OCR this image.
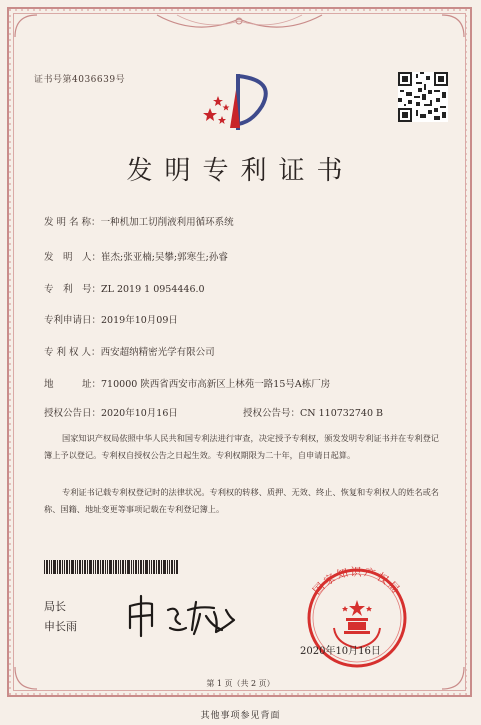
证书号第4036639号
发明专利证书
发 明 名 称：一种机加工切削液利用循环系统
发　明　人：崔杰;张亚楠;吴攀;郭寒生;孙睿
专　利　号：ZL 2019 1 0954446.0
专利申请日：2019年10月09日
专 利 权 人：西安超纳精密光学有限公司
地　　　址：710000 陕西省西安市高新区上林苑一路15号A栋厂房
授权公告日：2020年10月16日	授权公告号：CN 110732740 B
国家知识产权局依照中华人民共和国专利法进行审查，决定授予专利权，颁发发明专利证书并在专利登记簿上予以登记。专利权自授权公告之日起生效。专利权期限为二十年，自申请日起算。
专利证书记载专利权登记时的法律状况。专利权的转移、质押、无效、终止、恢复和专利权人的姓名或名称、国籍、地址变更等事项记载在专利登记簿上。
局长
申长雨
国家知识产权局
2020年10月16日
第 1 页（共 2 页）
其他事项参见背面
